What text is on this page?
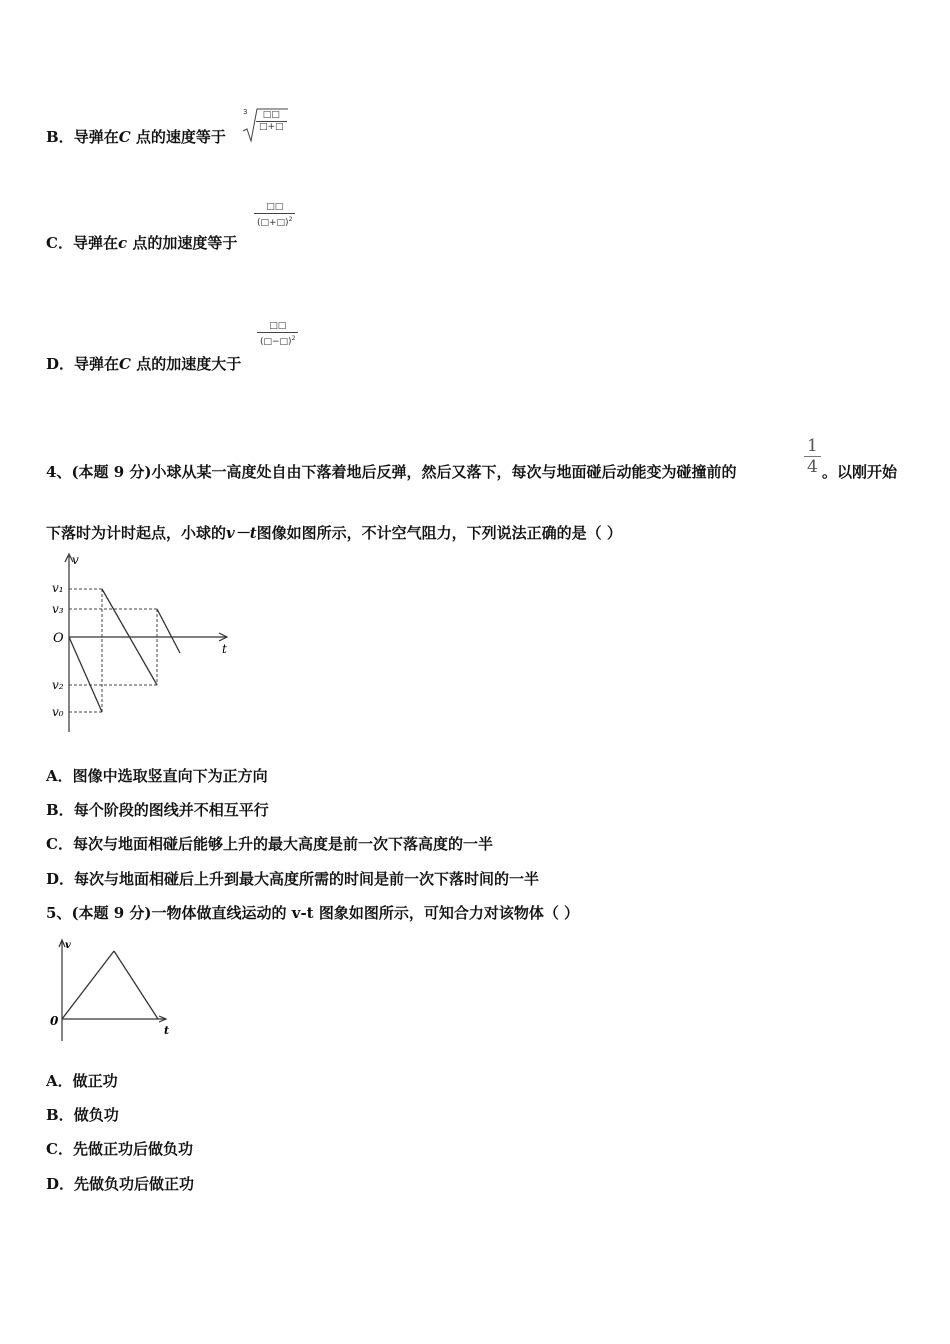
B．导弹在C 点的速度等于
3	□□
□+□
C．导弹在c 点的加速度等于
□□
(□+□)$^2$
D．导弹在C 点的加速度大于
□□
(□−□)$^2$
4、(本题 9 分)小球从某一高度处自由下落着地后反弹，然后又落下，每次与地面碰后动能变为碰撞前的	$\frac{1}{4}$ 。以刚开始
下落时为计时起点，小球的v－t图像如图所示，不计空气阻力，下列说法正确的是（ ）
v
t
O
v₁
v₃
v₂
v₀
A．图像中选取竖直向下为正方向
B．每个阶段的图线并不相互平行
C．每次与地面相碰后能够上升的最大高度是前一次下落高度的一半
D．每次与地面相碰后上升到最大高度所需的时间是前一次下落时间的一半
5、(本题 9 分)一物体做直线运动的 v-t 图象如图所示，可知合力对该物体（ ）
v
t
0
A．做正功
B．做负功
C．先做正功后做负功
D．先做负功后做正功
